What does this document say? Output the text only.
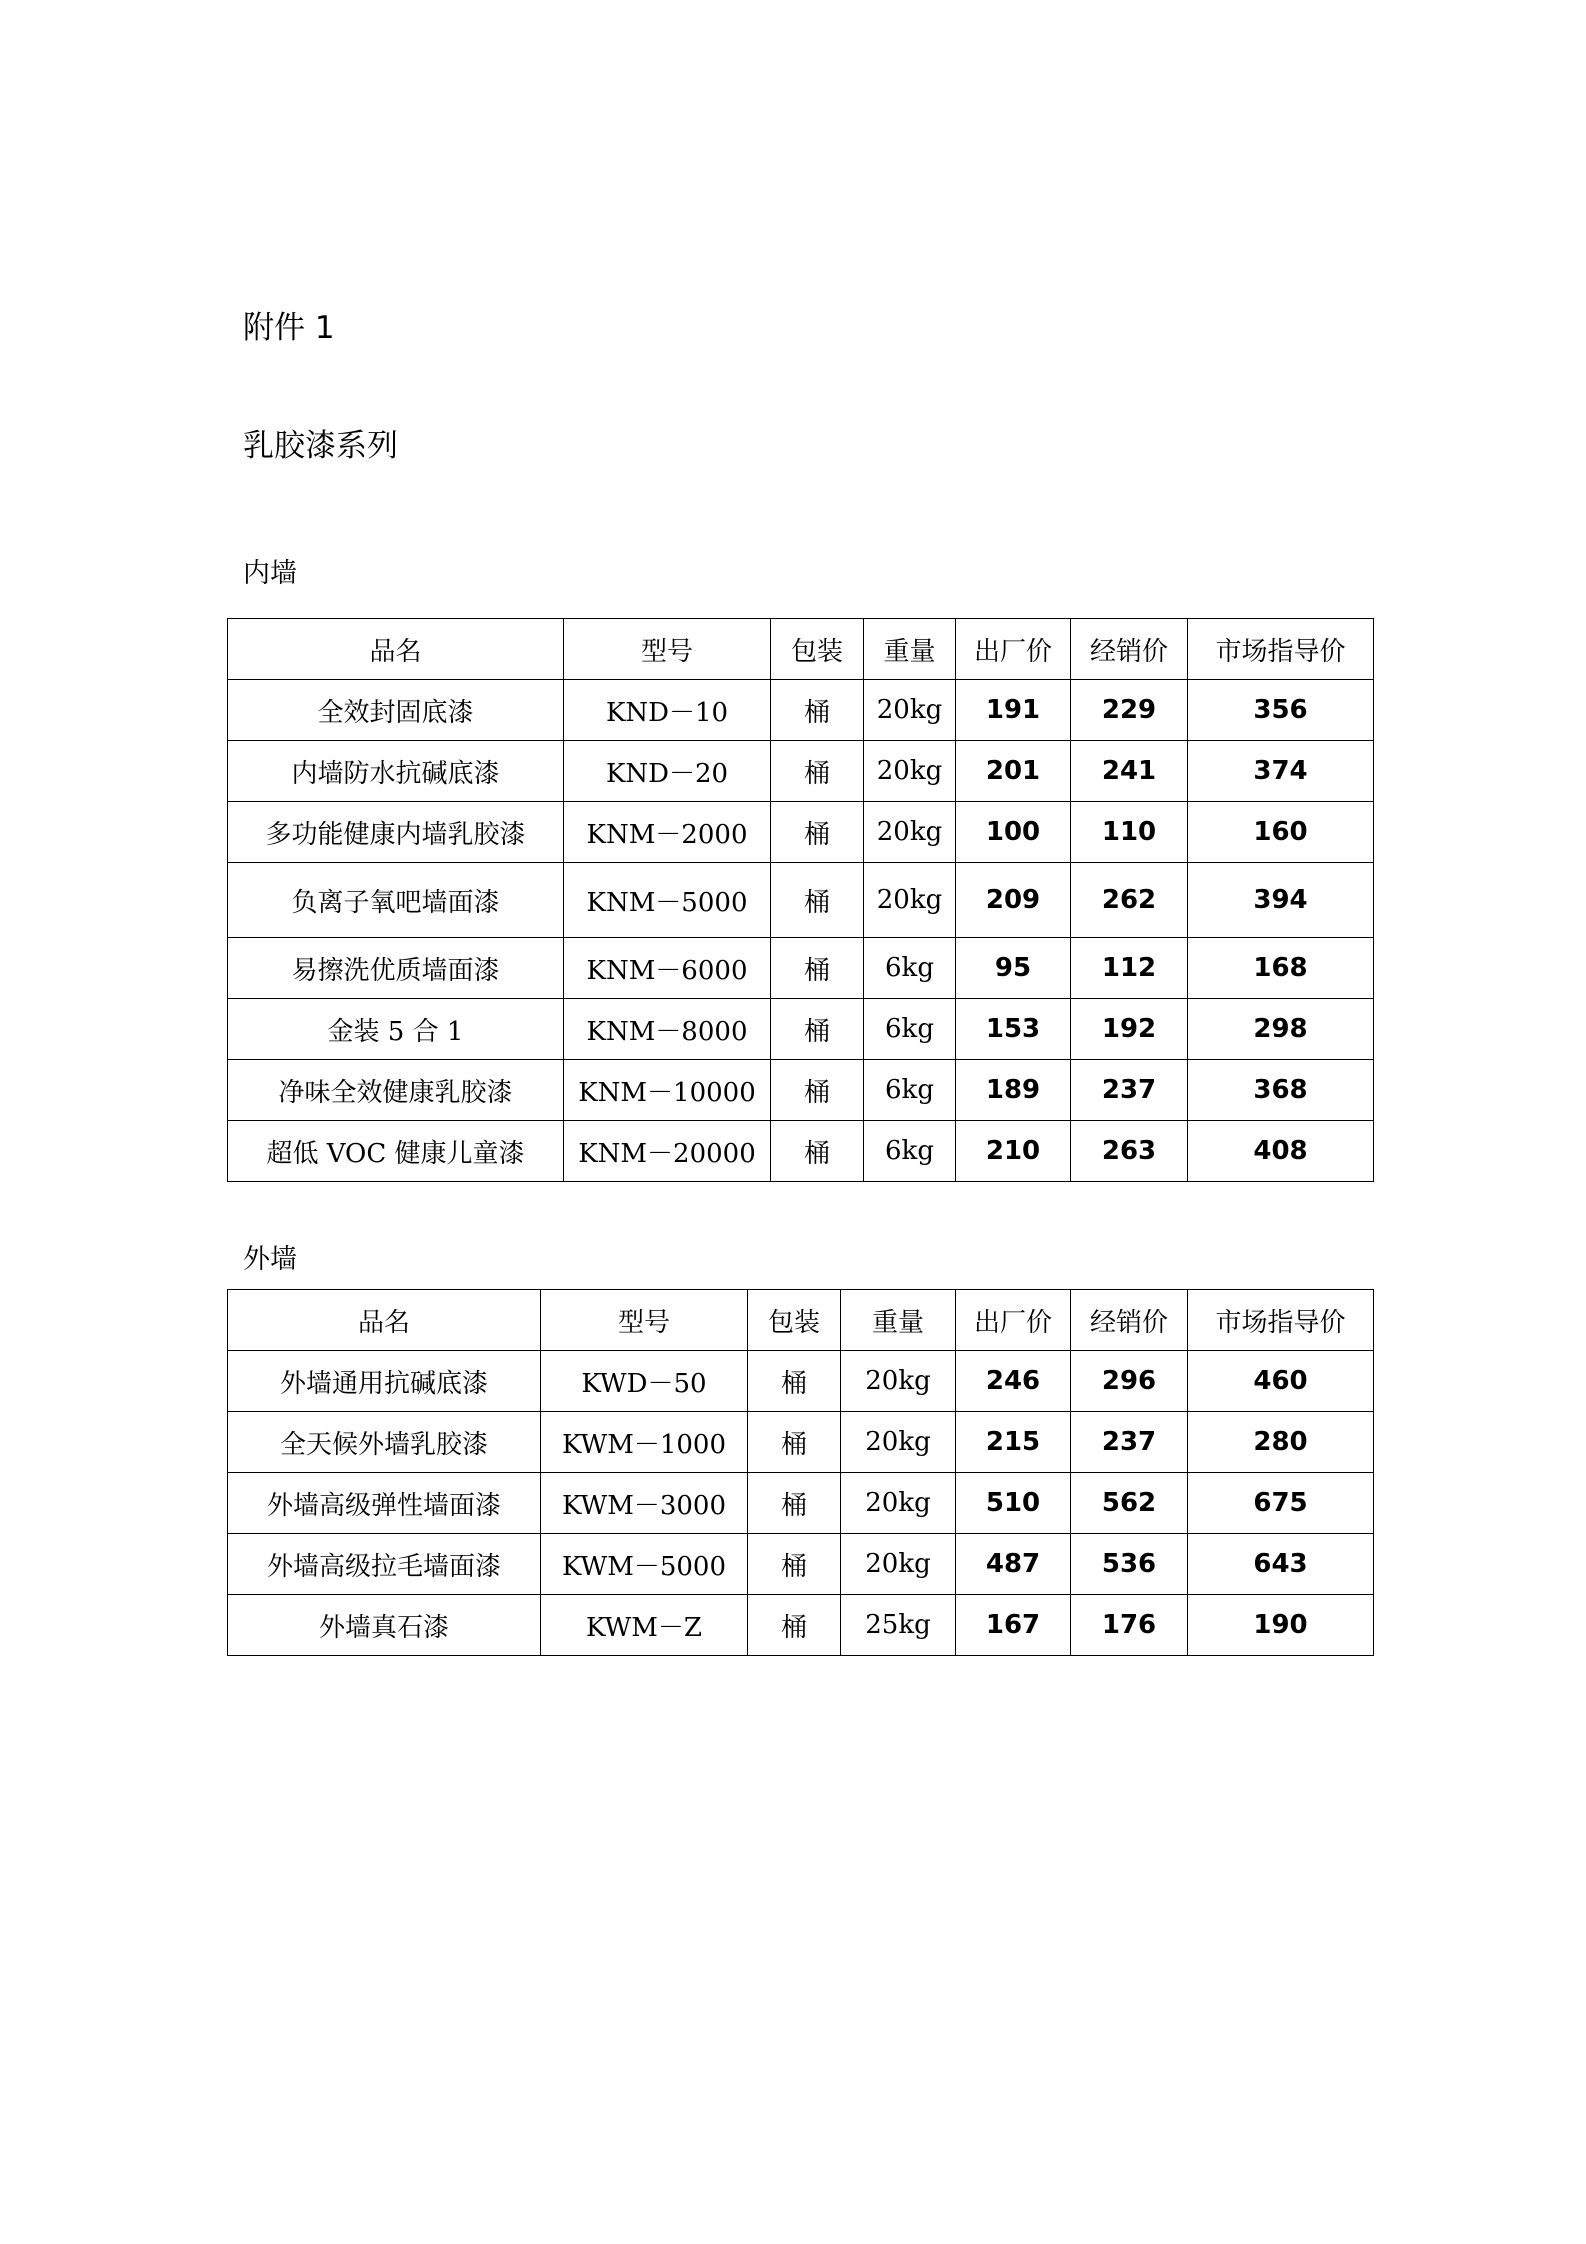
附件 1
乳胶漆系列
内墙
品名	型号	包装	重量	出厂价	经销价	市场指导价
全效封固底漆	KND－10	桶	20kg	191	229	356
内墙防水抗碱底漆	KND－20	桶	20kg	201	241	374
多功能健康内墙乳胶漆	KNM－2000	桶	20kg	100	110	160
负离子氧吧墙面漆	KNM－5000	桶	20kg	209	262	394
易擦洗优质墙面漆	KNM－6000	桶	6kg	95	112	168
金装 5 合 1	KNM－8000	桶	6kg	153	192	298
净味全效健康乳胶漆	KNM－10000	桶	6kg	189	237	368
超低 VOC 健康儿童漆	KNM－20000	桶	6kg	210	263	408
外墙
品名	型号	包装	重量	出厂价	经销价	市场指导价
外墙通用抗碱底漆	KWD－50	桶	20kg	246	296	460
全天候外墙乳胶漆	KWM－1000	桶	20kg	215	237	280
外墙高级弹性墙面漆	KWM－3000	桶	20kg	510	562	675
外墙高级拉毛墙面漆	KWM－5000	桶	20kg	487	536	643
外墙真石漆	KWM－Z	桶	25kg	167	176	190
